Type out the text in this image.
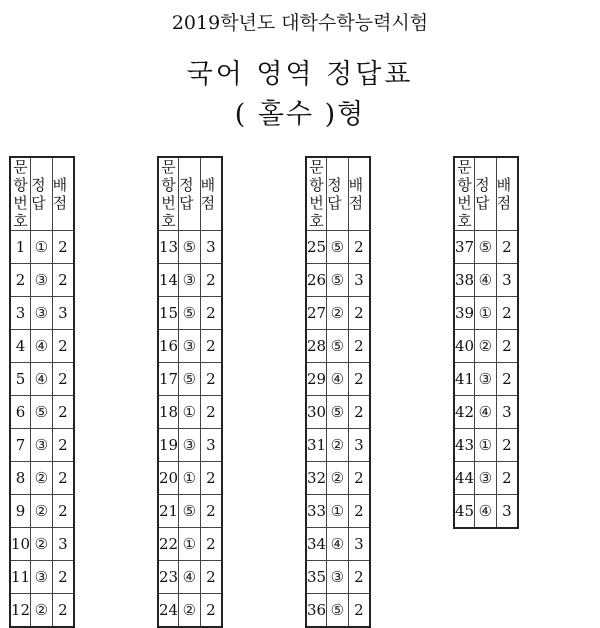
2019학년도 대학수학능력시험
국어 영역 정답표
( 홀수 )형
문항
번호	정 답	배 점
1	①	2
2	③	2
3	③	3
4	④	2
5	④	2
6	⑤	2
7	③	2
8	②	2
9	②	2
10	②	3
11	③	2
12	②	2
문항
번호	정 답	배 점
13	⑤	3
14	③	2
15	⑤	2
16	③	2
17	⑤	2
18	①	2
19	③	3
20	①	2
21	⑤	2
22	①	2
23	④	2
24	②	2
문항
번호	정 답	배 점
25	⑤	2
26	⑤	3
27	②	2
28	⑤	2
29	④	2
30	⑤	2
31	②	3
32	②	2
33	①	2
34	④	3
35	③	2
36	⑤	2
문항
번호	정 답	배 점
37	⑤	2
38	④	3
39	①	2
40	②	2
41	③	2
42	④	3
43	①	2
44	③	2
45	④	3
